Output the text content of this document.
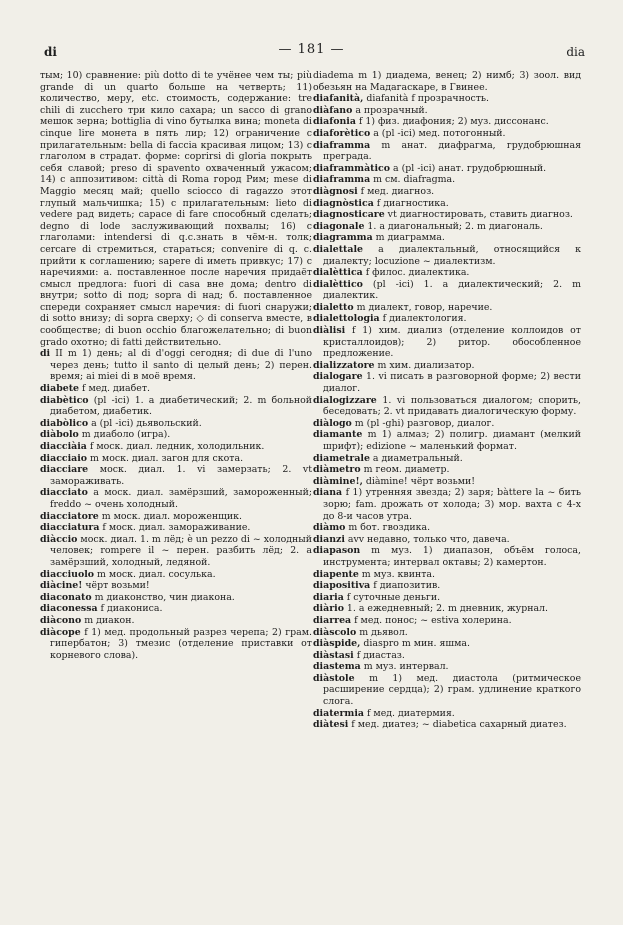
di	— 181 —	dia

тым; 10) сравнение: più dotto di te учёнее чем ты; più grande di un quarto больше на четверть; 11) количество, меру, etc. стоимость, содержание: tre chili di zucchero три кило сахара; un sacco di grano мешок зерна; bottiglia di vino бутылка вина; moneta di cinque lire монета в пять лир; 12) ограничение с прилагательным: bella di faccia красивая лицом; 13) с глаголом в страдат. форме: coprirsi di gloria покрыть себя славой; preso di spavento охваченный ужасом; 14) с аппозитивом: città di Roma город Рим; mese di Maggio месяц май; quello sciocco di ragazzo этот глупый мальчишка; 15) с прилагательным: lieto di vedere рад видеть; capace di fare способный сделать; degno di lode заслуживающий похвалы; 16) с глаголами: intendersi di q.c.знать в чём-н. толк; cercare di стремиться, стараться; convenire di q. c. прийти к соглашению; sapere di иметь привкус; 17) с наречиями: а. поставленное после наречия придаёт смысл предлога: fuori di casa вне дома; dentro di внутри; sotto di под; sopra di над; б. поставленное спереди сохраняет смысл наречия: di fuori снаружи; di sotto внизу; di sopra сверху; ◇ di conserva вместе, в сообществе; di buon occhio благожелательно; di buon grado охотно; di fatti действительно.

di II m 1) день; al di d'oggi сегодня; di due di l'uno через день; tutto il santo di целый день; 2) перен. время; ai miei di в моё время.

diabete f мед. диабет.

diabètico (pl -ici) 1. а диабетический; 2. m больной диабетом, диабетик.

diabòlico а (pl -ici) дьявольский.

diàbolo m диаболо (игра).

diacciàia f моск. диал. ледник, холодильник.

diacciaio m моск. диал. загон для скота.

diacciare моск. диал. 1. vi замерзать; 2. vt замораживать.

diacciato а моск. диал. замёрзший, замороженный; freddo ~ очень холодный.

diacciatore m моск. диал. мороженщик.

diacciatura f моск. диал. замораживание.

diàccio моск. диал. 1. m лёд; è un pezzo di ~ холодный человек; rompere il ~ перен. разбить лёд; 2. a замёрзший, холодный, ледяной.

diacciuolo m моск. диал. сосулька.

diàcine! чёрт возьми!

diaconato m диаконство, чин диакона.

diaconessa f диакониса.

diàcono m диакон.

diàcope f 1) мед. продольный разрез черепа; 2) грам. гипербатон; 3) тмезис (отделение приставки от корневого слова).

diadema m 1) диадема, венец; 2) нимб; 3) зоол. вид обезьян на Мадагаскаре, в Гвинее.

diafanità, diafanità f прозрачность.

diàfano а прозрачный.

diafonia f 1) физ. диафония; 2) муз. диссонанс.

diaforètico а (pl -ici) мед. потогонный.

diaframma m анат. диафрагма, грудобрюшная преграда.

diaframmàtico а (pl -ici) анат. грудобрюшный.

diaframma m см. diafragma.

diàgnosi f мед. диагноз.

diagnòstica f диагностика.

diagnosticare vt диагностировать, ставить диагноз.

diagonale 1. а диагональный; 2. m диагональ.

diagramma m диаграмма.

dialettale а диалектальный, относящийся к диалекту; locuzione ~ диалектизм.

dialèttica f филос. диалектика.

dialèttico (pl -ici) 1. а диалектический; 2. m диалектик.

dialetto m диалект, говор, наречие.

dialettologia f диалектология.

diàlisi f 1) хим. диализ (отделение коллоидов от кристаллоидов); 2) ритор. обособленное предложение.

dializzatore m хим. диализатор.

dialogare 1. vi писать в разговорной форме; 2) вести диалог.

dialogizzare 1. vi пользоваться диалогом; спорить, беседовать; 2. vt придавать диалогическую форму.

diàlogo m (pl -ghi) разговор, диалог.

diamante m 1) алмаз; 2) полигр. диамант (мелкий шрифт); edizione ~ маленький формат.

diametrale а диаметральный.

diàmetro m геом. диаметр.

diàmine!, diàmine! чёрт возьми!

diana f 1) утренняя звезда; 2) заря; bàttere la ~ бить зорю; fam. дрожать от холода; 3) мор. вахта с 4-х до 8-и часов утра.

diàmo m бот. гвоздика.

dianzi avv недавно, только что, давеча.

diapason m муз. 1) диапазон, объём голоса, инструмента; интервал октавы; 2) камертон.

diapente m муз. квинта.

diapositiva f диапозитив.

diaria f суточные деньги.

diàrio 1. а ежедневный; 2. m дневник, журнал.

diarrea f мед. понос; ~ estiva холерина.

diàscolo m дьявол.

diàspide, diaspro m мин. яшма.

diàstasi f диастаз.

diastema m муз. интервал.

diàstole m 1) мед. диастола (ритмическое расширение сердца); 2) грам. удлинение краткого слога.

diatermia f мед. диатермия.

diàtesi f мед. диатез; ~ diabetica сахарный диатез.
